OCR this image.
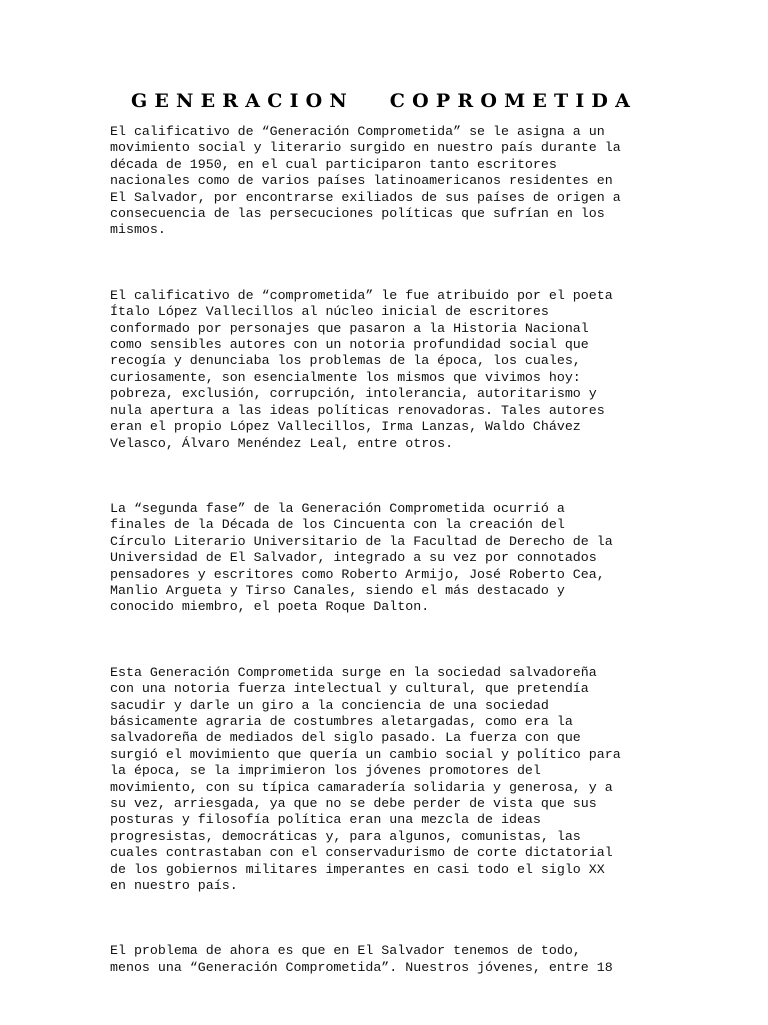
GENERACION COPROMETIDA

El calificativo de “Generación Comprometida” se le asigna a un
movimiento social y literario surgido en nuestro país durante la
década de 1950, en el cual participaron tanto escritores
nacionales como de varios países latinoamericanos residentes en
El Salvador, por encontrarse exiliados de sus países de origen a
consecuencia de las persecuciones políticas que sufrían en los
mismos.

El calificativo de “comprometida” le fue atribuido por el poeta
Ítalo López Vallecillos al núcleo inicial de escritores
conformado por personajes que pasaron a la Historia Nacional
como sensibles autores con un notoria profundidad social que
recogía y denunciaba los problemas de la época, los cuales,
curiosamente, son esencialmente los mismos que vivimos hoy:
pobreza, exclusión, corrupción, intolerancia, autoritarismo y
nula apertura a las ideas políticas renovadoras. Tales autores
eran el propio López Vallecillos, Irma Lanzas, Waldo Chávez
Velasco, Álvaro Menéndez Leal, entre otros.

La “segunda fase” de la Generación Comprometida ocurrió a
finales de la Década de los Cincuenta con la creación del
Círculo Literario Universitario de la Facultad de Derecho de la
Universidad de El Salvador, integrado a su vez por connotados
pensadores y escritores como Roberto Armijo, José Roberto Cea,
Manlio Argueta y Tirso Canales, siendo el más destacado y
conocido miembro, el poeta Roque Dalton.

Esta Generación Comprometida surge en la sociedad salvadoreña
con una notoria fuerza intelectual y cultural, que pretendía
sacudir y darle un giro a la conciencia de una sociedad
básicamente agraria de costumbres aletargadas, como era la
salvadoreña de mediados del siglo pasado. La fuerza con que
surgió el movimiento que quería un cambio social y político para
la época, se la imprimieron los jóvenes promotores del
movimiento, con su típica camaradería solidaria y generosa, y a
su vez, arriesgada, ya que no se debe perder de vista que sus
posturas y filosofía política eran una mezcla de ideas
progresistas, democráticas y, para algunos, comunistas, las
cuales contrastaban con el conservadurismo de corte dictatorial
de los gobiernos militares imperantes en casi todo el siglo XX
en nuestro país.

El problema de ahora es que en El Salvador tenemos de todo,
menos una “Generación Comprometida”. Nuestros jóvenes, entre 18
